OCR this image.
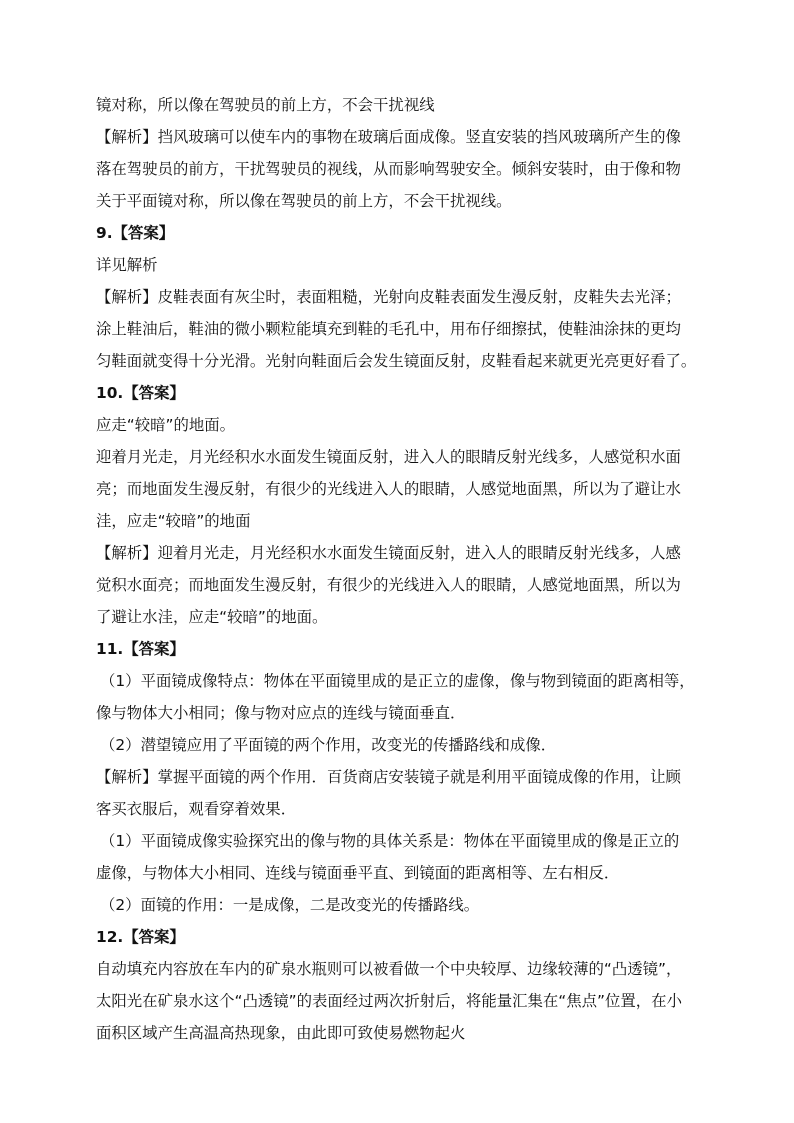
镜对称，所以像在驾驶员的前上方，不会干扰视线
【解析】挡风玻璃可以使车内的事物在玻璃后面成像。竖直安装的挡风玻璃所产生的像
落在驾驶员的前方，干扰驾驶员的视线，从而影响驾驶安全。倾斜安装时，由于像和物
关于平面镜对称，所以像在驾驶员的前上方，不会干扰视线。
9.【答案】
详见解析
【解析】皮鞋表面有灰尘时，表面粗糙，光射向皮鞋表面发生漫反射，皮鞋失去光泽；
涂上鞋油后，鞋油的微小颗粒能填充到鞋的毛孔中，用布仔细擦拭，使鞋油涂抹的更均
匀鞋面就变得十分光滑。光射向鞋面后会发生镜面反射，皮鞋看起来就更光亮更好看了。
10.【答案】
应走“较暗”的地面。
迎着月光走，月光经积水水面发生镜面反射，进入人的眼睛反射光线多，人感觉积水面
亮；而地面发生漫反射，有很少的光线进入人的眼睛，人感觉地面黑，所以为了避让水
洼，应走“较暗”的地面
【解析】迎着月光走，月光经积水水面发生镜面反射，进入人的眼睛反射光线多，人感
觉积水面亮；而地面发生漫反射，有很少的光线进入人的眼睛，人感觉地面黑，所以为
了避让水洼，应走“较暗”的地面。
11.【答案】
（1）平面镜成像特点：物体在平面镜里成的是正立的虚像，像与物到镜面的距离相等，
像与物体大小相同；像与物对应点的连线与镜面垂直．
（2）潜望镜应用了平面镜的两个作用，改变光的传播路线和成像．
【解析】掌握平面镜的两个作用．百货商店安装镜子就是利用平面镜成像的作用，让顾
客买衣服后，观看穿着效果．
（1）平面镜成像实验探究出的像与物的具体关系是：物体在平面镜里成的像是正立的
虚像，与物体大小相同、连线与镜面垂平直、到镜面的距离相等、左右相反．
（2）面镜的作用：一是成像，二是改变光的传播路线。
12.【答案】
自动填充内容放在车内的矿泉水瓶则可以被看做一个中央较厚、边缘较薄的“凸透镜”，
太阳光在矿泉水这个“凸透镜”的表面经过两次折射后，将能量汇集在“焦点”位置，在小
面积区域产生高温高热现象，由此即可致使易燃物起火
